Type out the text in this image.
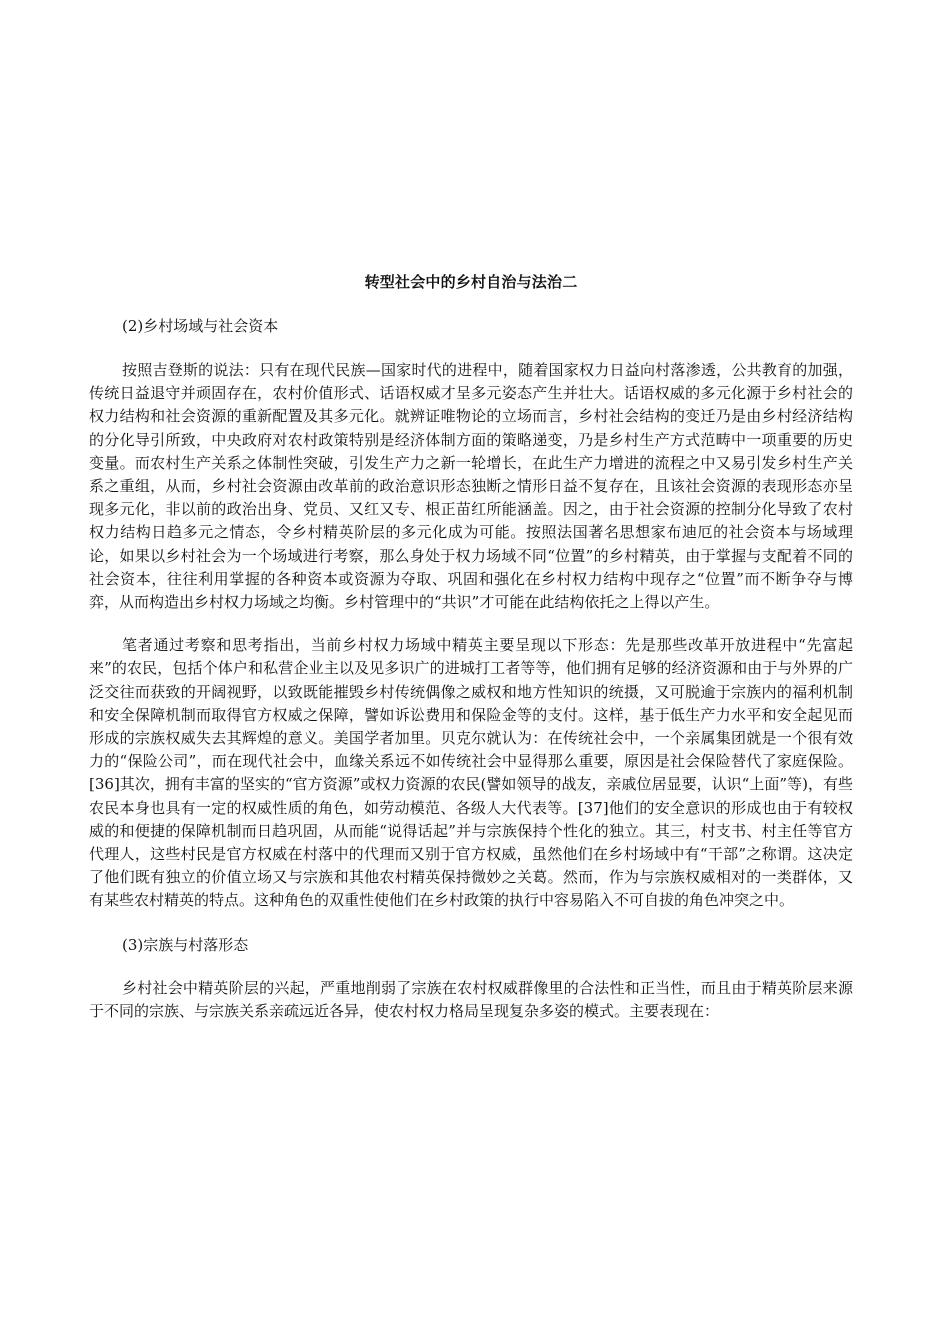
转型社会中的乡村自治与法治二
(2)乡村场域与社会资本

按照吉登斯的说法：只有在现代民族—国家时代的进程中，随着国家权力日益向村落渗透，公共教育的加强，传统日益退守并顽固存在，农村价值形式、话语权威才呈多元姿态产生并壮大。话语权威的多元化源于乡村社会的权力结构和社会资源的重新配置及其多元化。就辨证唯物论的立场而言，乡村社会结构的变迁乃是由乡村经济结构的分化导引所致，中央政府对农村政策特别是经济体制方面的策略递变，乃是乡村生产方式范畴中一项重要的历史变量。而农村生产关系之体制性突破，引发生产力之新一轮增长，在此生产力增进的流程之中又易引发乡村生产关系之重组，从而，乡村社会资源由改革前的政治意识形态独断之情形日益不复存在，且该社会资源的表现形态亦呈现多元化，非以前的政治出身、党员、又红又专、根正苗红所能涵盖。因之，由于社会资源的控制分化导致了农村权力结构日趋多元之情态，令乡村精英阶层的多元化成为可能。按照法国著名思想家布迪厄的社会资本与场域理论，如果以乡村社会为一个场域进行考察，那么身处于权力场域不同“位置”的乡村精英，由于掌握与支配着不同的社会资本，往往利用掌握的各种资本或资源为夺取、巩固和强化在乡村权力结构中现存之“位置”而不断争夺与博弈，从而构造出乡村权力场域之均衡。乡村管理中的“共识”才可能在此结构依托之上得以产生。

笔者通过考察和思考指出，当前乡村权力场域中精英主要呈现以下形态：先是那些改革开放进程中“先富起来”的农民，包括个体户和私营企业主以及见多识广的进城打工者等等，他们拥有足够的经济资源和由于与外界的广泛交往而获致的开阔视野，以致既能摧毁乡村传统偶像之威权和地方性知识的统摄，又可脱逾于宗族内的福利机制和安全保障机制而取得官方权威之保障，譬如诉讼费用和保险金等的支付。这样，基于低生产力水平和安全起见而形成的宗族权威失去其辉煌的意义。美国学者加里。贝克尔就认为：在传统社会中，一个亲属集团就是一个很有效力的“保险公司”，而在现代社会中，血缘关系远不如传统社会中显得那么重要，原因是社会保险替代了家庭保险。[36]其次，拥有丰富的坚实的“官方资源”或权力资源的农民(譬如领导的战友，亲戚位居显要，认识“上面”等)，有些农民本身也具有一定的权威性质的角色，如劳动模范、各级人大代表等。[37]他们的安全意识的形成也由于有较权威的和便捷的保障机制而日趋巩固，从而能“说得话起”并与宗族保持个性化的独立。其三，村支书、村主任等官方代理人，这些村民是官方权威在村落中的代理而又别于官方权威，虽然他们在乡村场域中有“干部”之称谓。这决定了他们既有独立的价值立场又与宗族和其他农村精英保持微妙之关葛。然而，作为与宗族权威相对的一类群体，又有某些农村精英的特点。这种角色的双重性使他们在乡村政策的执行中容易陷入不可自拔的角色冲突之中。

(3)宗族与村落形态

乡村社会中精英阶层的兴起，严重地削弱了宗族在农村权威群像里的合法性和正当性，而且由于精英阶层来源于不同的宗族、与宗族关系亲疏远近各异，使农村权力格局呈现复杂多姿的模式。主要表现在：
